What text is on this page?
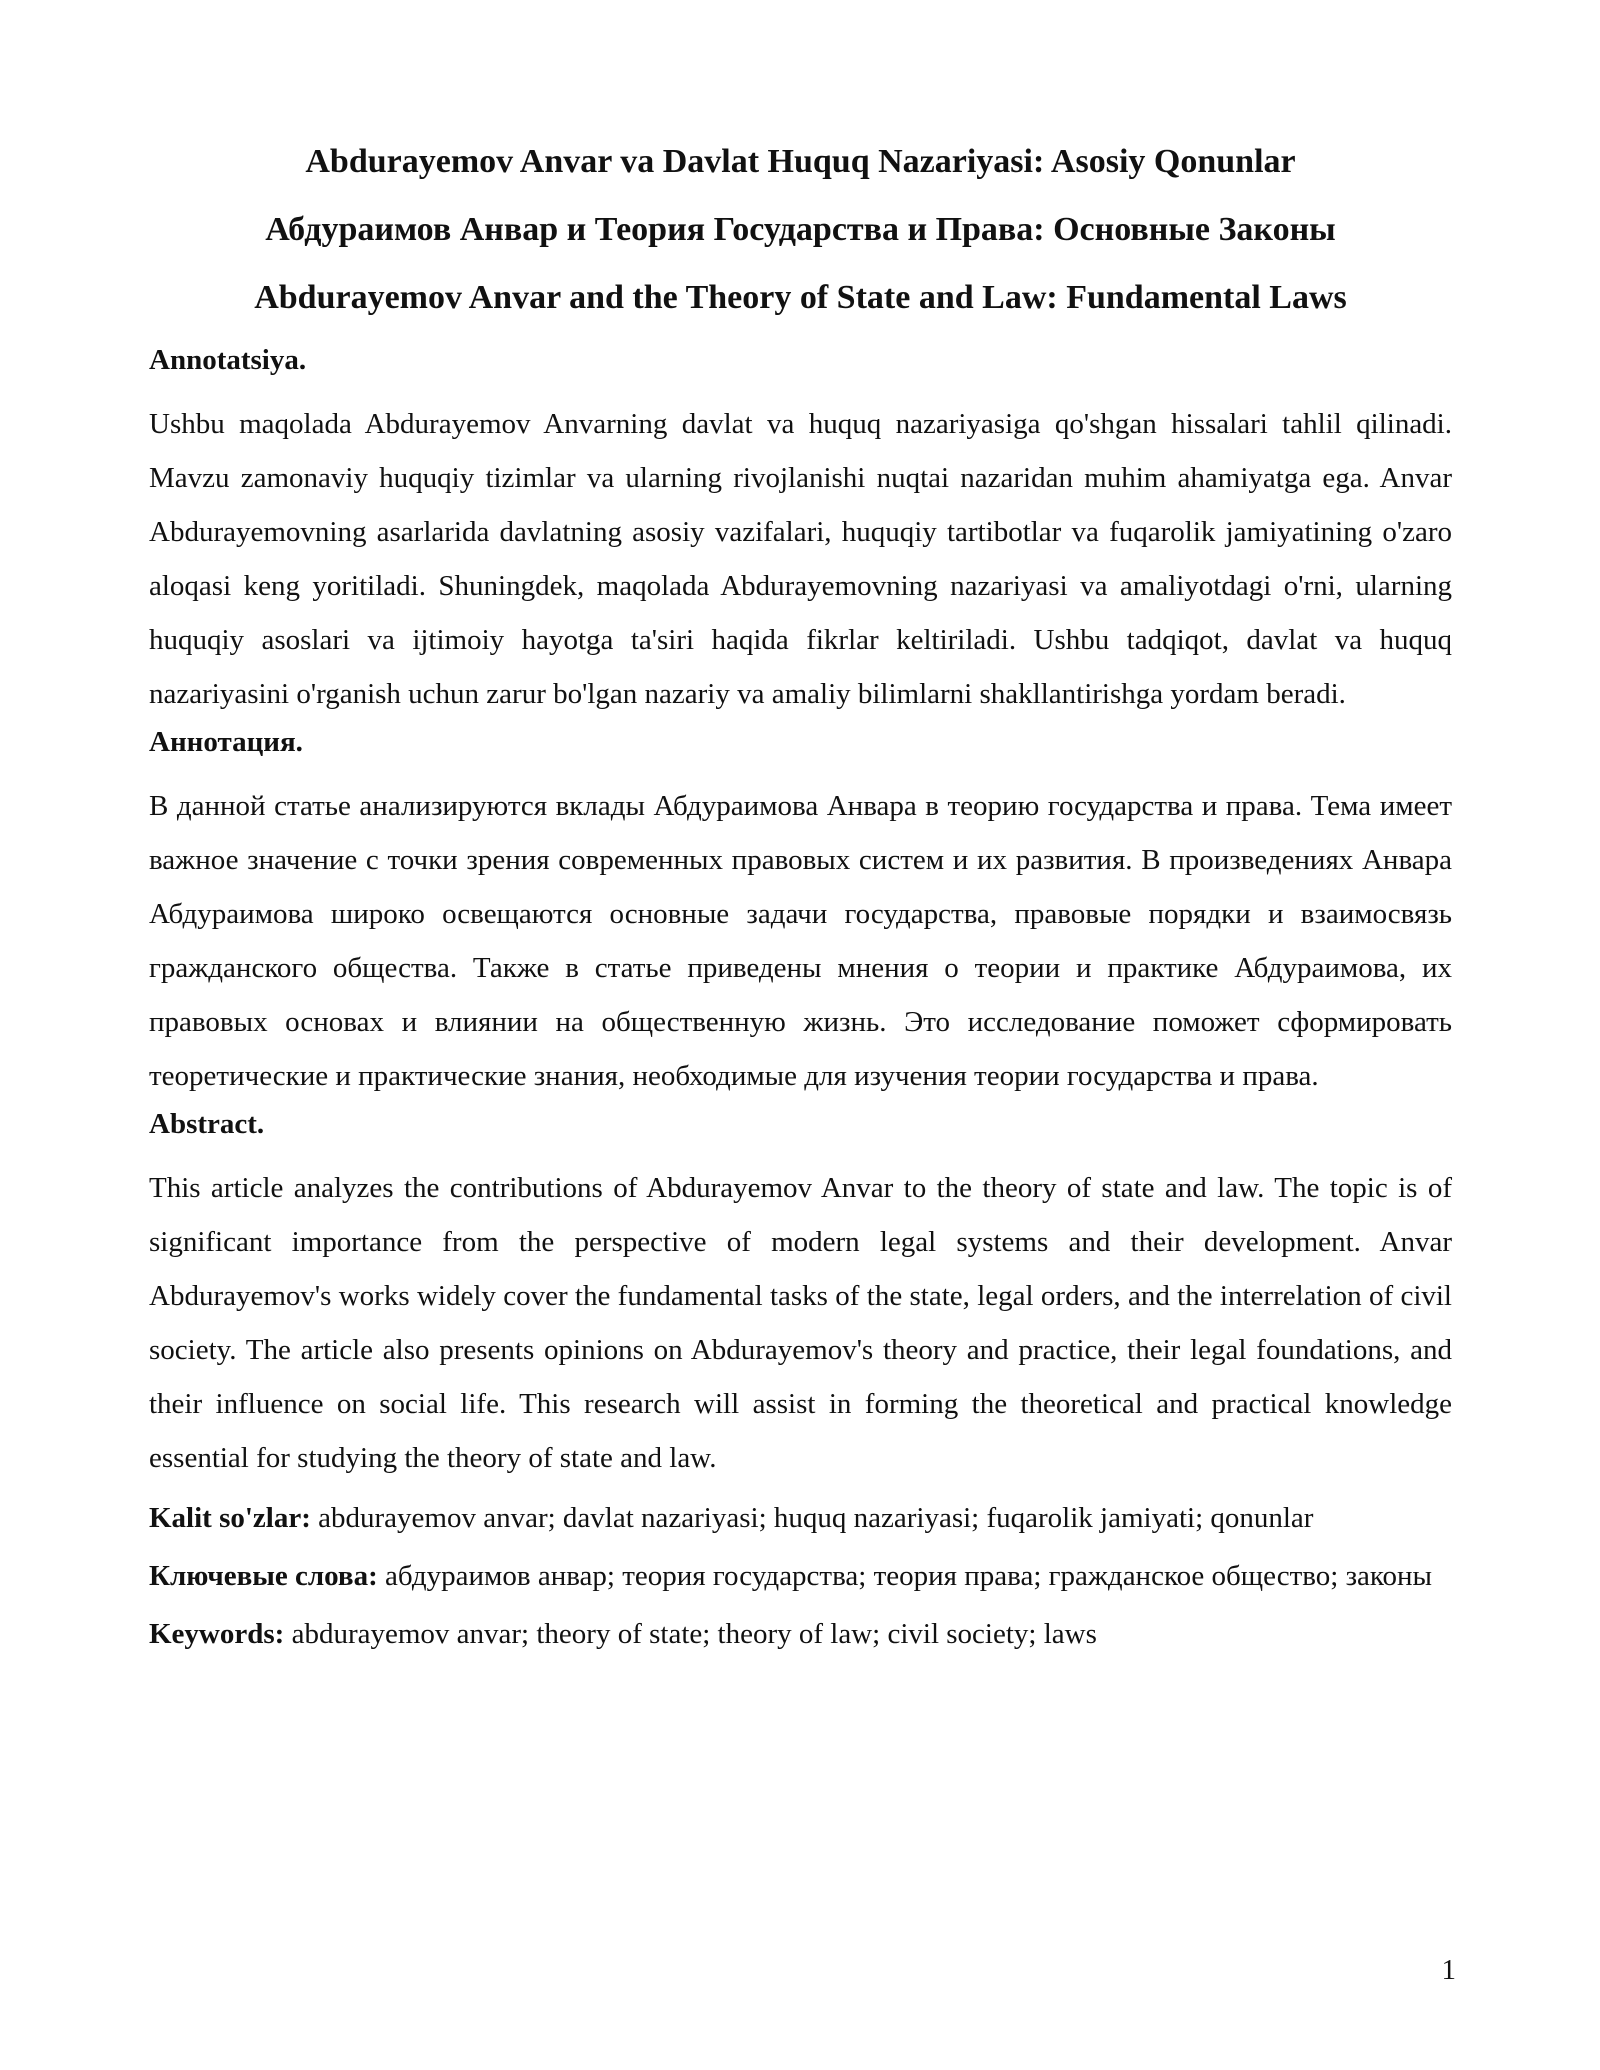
Abdurayemov Anvar va Davlat Huquq Nazariyasi: Asosiy Qonunlar
Абдураимов Анвар и Теория Государства и Права: Основные Законы
Abdurayemov Anvar and the Theory of State and Law: Fundamental Laws
Annotatsiya.
Ushbu maqolada Abdurayemov Anvarning davlat va huquq nazariyasiga qo'shgan hissalari tahlil qilinadi. Mavzu zamonaviy huquqiy tizimlar va ularning rivojlanishi nuqtai nazaridan muhim ahamiyatga ega. Anvar Abdurayemovning asarlarida davlatning asosiy vazifalari, huquqiy tartibotlar va fuqarolik jamiyatining o'zaro aloqasi keng yoritiladi. Shuningdek, maqolada Abdurayemovning nazariyasi va amaliyotdagi o'rni, ularning huquqiy asoslari va ijtimoiy hayotga ta'siri haqida fikrlar keltiriladi. Ushbu tadqiqot, davlat va huquq nazariyasini o'rganish uchun zarur bo'lgan nazariy va amaliy bilimlarni shakllantirishga yordam beradi.
Аннотация.
В данной статье анализируются вклады Абдураимова Анвара в теорию государства и права. Тема имеет важное значение с точки зрения современных правовых систем и их развития. В произведениях Анвара Абдураимова широко освещаются основные задачи государства, правовые порядки и взаимосвязь гражданского общества. Также в статье приведены мнения о теории и практике Абдураимова, их правовых основах и влиянии на общественную жизнь. Это исследование поможет сформировать теоретические и практические знания, необходимые для изучения теории государства и права.
Abstract.
This article analyzes the contributions of Abdurayemov Anvar to the theory of state and law. The topic is of significant importance from the perspective of modern legal systems and their development. Anvar Abdurayemov's works widely cover the fundamental tasks of the state, legal orders, and the interrelation of civil society. The article also presents opinions on Abdurayemov's theory and practice, their legal foundations, and their influence on social life. This research will assist in forming the theoretical and practical knowledge essential for studying the theory of state and law.
Kalit so'zlar: abdurayemov anvar; davlat nazariyasi; huquq nazariyasi; fuqarolik jamiyati; qonunlar
Ключевые слова: абдураимов анвар; теория государства; теория права; гражданское общество; законы
Keywords: abdurayemov anvar; theory of state; theory of law; civil society; laws
1
